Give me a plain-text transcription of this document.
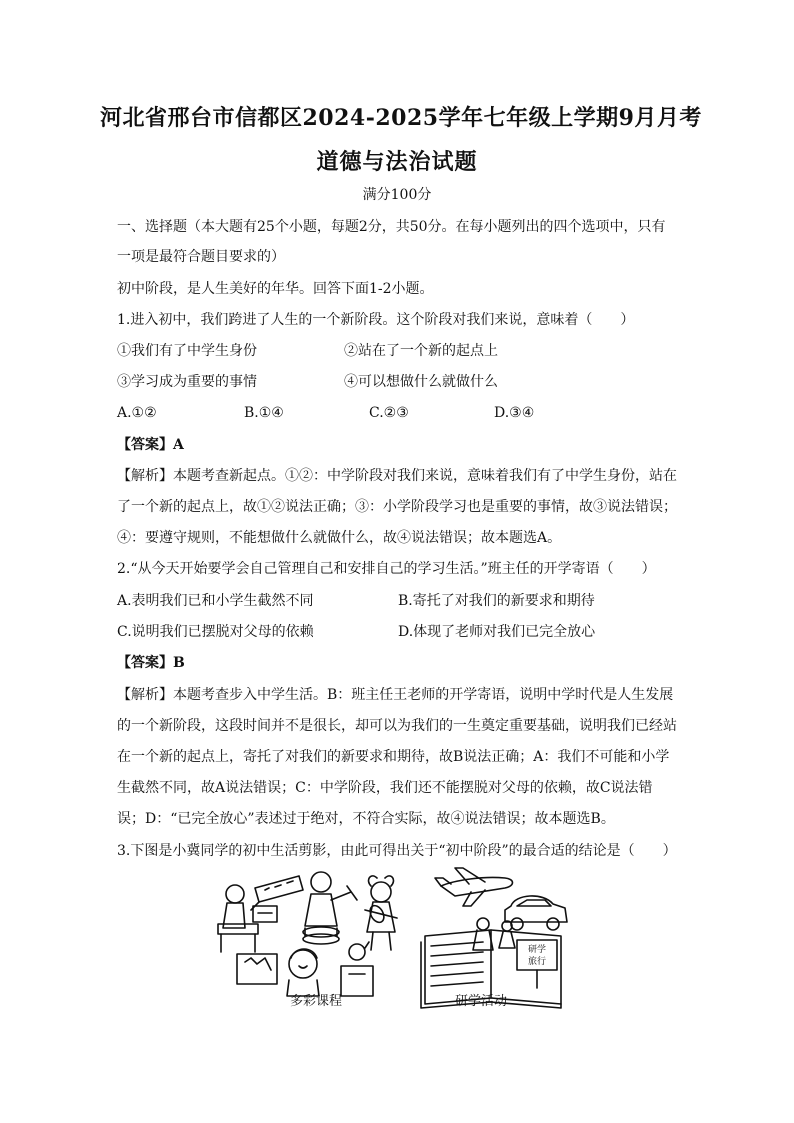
河北省邢台市信都区2024-2025学年七年级上学期9月月考
道德与法治试题
满分100分
一、选择题（本大题有25个小题，每题2分，共50分。在每小题列出的四个选项中，只有
一项是最符合题目要求的）
初中阶段，是人生美好的年华。回答下面1-2小题。
1.进入初中，我们跨进了人生的一个新阶段。这个阶段对我们来说，意味着（　　）
①我们有了中学生身份	②站在了一个新的起点上
③学习成为重要的事情	④可以想做什么就做什么
A.①②	B.①④	C.②③	D.③④
【答案】A
【解析】本题考查新起点。①②：中学阶段对我们来说，意味着我们有了中学生身份，站在
了一个新的起点上，故①②说法正确；③：小学阶段学习也是重要的事情，故③说法错误；
④：要遵守规则，不能想做什么就做什么，故④说法错误；故本题选A。
2.“从今天开始要学会自己管理自己和安排自己的学习生活。”班主任的开学寄语（　　）
A.表明我们已和小学生截然不同	B.寄托了对我们的新要求和期待
C.说明我们已摆脱对父母的依赖	D.体现了老师对我们已完全放心
【答案】B
【解析】本题考查步入中学生活。B：班主任王老师的开学寄语，说明中学时代是人生发展
的一个新阶段，这段时间并不是很长，却可以为我们的一生奠定重要基础，说明我们已经站
在一个新的起点上，寄托了对我们的新要求和期待，故B说法正确；A：我们不可能和小学
生截然不同，故A说法错误；C：中学阶段，我们还不能摆脱对父母的依赖，故C说法错
误；D：“已完全放心”表述过于绝对，不符合实际，故④说法错误；故本题选B。
3.下图是小冀同学的初中生活剪影，由此可得出关于“初中阶段”的最合适的结论是（　　）
研学
旅行
多彩课程	研学活动
